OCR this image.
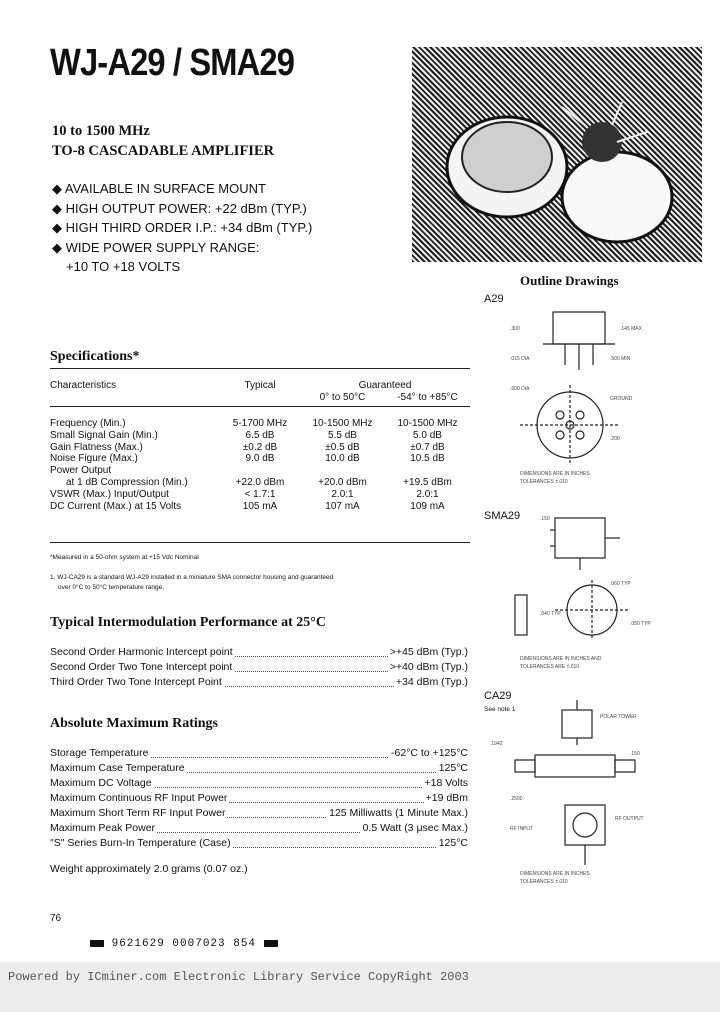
WJ-A29 / SMA29
10 to 1500 MHz
TO-8 CASCADABLE AMPLIFIER
◆ AVAILABLE IN SURFACE MOUNT
◆ HIGH OUTPUT POWER: +22 dBm (TYP.)
◆ HIGH THIRD ORDER I.P.: +34 dBm (TYP.)
◆ WIDE POWER SUPPLY RANGE:
+10 TO +18 VOLTS
Specifications*
Characteristics	Typical	Guaranteed	
		0° to 50°C	-54° to +85°C

Frequency (Min.)	5-1700 MHz	10-1500 MHz	10-1500 MHz
Small Signal Gain (Min.)	6.5 dB	5.5 dB	5.0 dB
Gain Flatness (Max.)	±0.2 dB	±0.5 dB	±0.7 dB
Noise Figure (Max.)	9.0 dB	10.0 dB	10.5 dB
Power Output			
at 1 dB Compression (Min.)	+22.0 dBm	+20.0 dBm	+19.5 dBm
VSWR (Max.) Input/Output	< 1.7:1	2.0:1	2.0:1
DC Current (Max.) at 15 Volts	105 mA	107 mA	109 mA
*Measured in a 50-ohm system at +15 Vdc Nominal
1. WJ-CA29 is a standard WJ-A29 installed in a miniature SMA connector housing and guaranteed
over 0°C to 50°C temperature range.
Typical Intermodulation Performance at 25°C
Second Order Harmonic Intercept point	>+45 dBm (Typ.)
Second Order Two Tone Intercept point	>+40 dBm (Typ.)
Third Order Two Tone Intercept Point	+34 dBm (Typ.)
Absolute Maximum Ratings
Storage Temperature	-62°C to +125°C
Maximum Case Temperature	125°C
Maximum DC Voltage	+18 Volts
Maximum Continuous RF Input Power	+19 dBm
Maximum Short Term RF Input Power	125 Milliwatts (1 Minute Max.)
Maximum Peak Power	0.5 Watt (3 μsec Max.)
"S" Series Burn-In Temperature (Case)	125°C
Weight approximately 2.0 grams (0.07 oz.)
Outline Drawings
A29
SMA29
CA29
See note 1
.145 MAX
.300
.015 DIA	.500 MIN
.600 DIA
GROUND
.200
DIMENSIONS ARE IN INCHES
TOLERANCES ±.010
.150
.060 TYP
.040 TYP
.050 TYP
DIMENSIONS ARE IN INCHES AND
TOLERANCES ARE ±.010
POLAR TOWER
.1942
.150
.2500
RF OUTPUT
RF INPUT
DIMENSIONS ARE IN INCHES
TOLERANCES ±.010
76
9621629 0007023 854
Powered by ICminer.com Electronic Library Service CopyRight 2003
